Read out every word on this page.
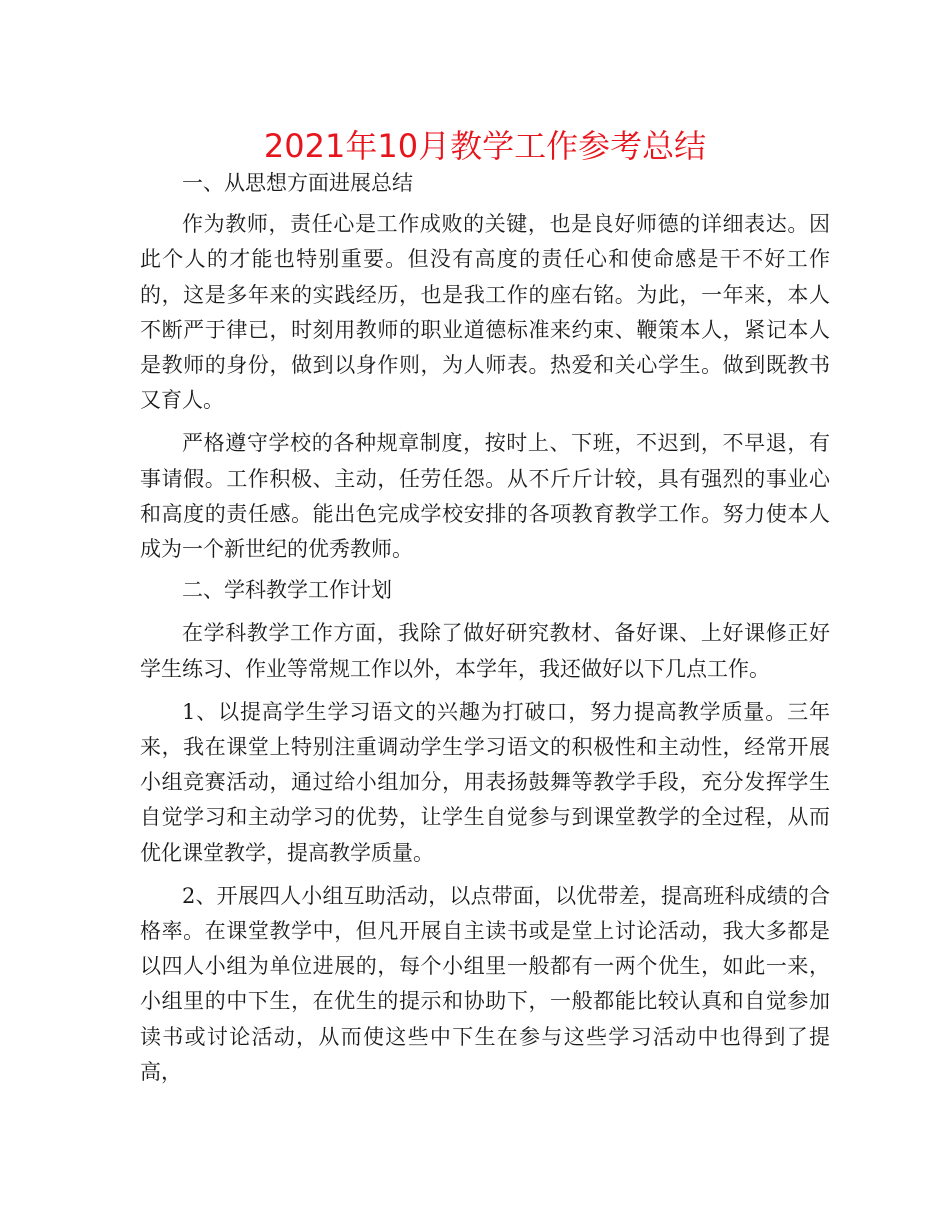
2021年10月教学工作参考总结

一、从思想方面进展总结

作为教师，责任心是工作成败的关键，也是良好师德的详细表达。因此个人的才能也特别重要。但没有高度的责任心和使命感是干不好工作的，这是多年来的实践经历，也是我工作的座右铭。为此，一年来，本人不断严于律已，时刻用教师的职业道德标准来约束、鞭策本人，紧记本人是教师的身份，做到以身作则，为人师表。热爱和关心学生。做到既教书又育人。

严格遵守学校的各种规章制度，按时上、下班，不迟到，不早退，有事请假。工作积极、主动，任劳任怨。从不斤斤计较，具有强烈的事业心和高度的责任感。能出色完成学校安排的各项教育教学工作。努力使本人成为一个新世纪的优秀教师。

二、学科教学工作计划

在学科教学工作方面，我除了做好研究教材、备好课、上好课修正好学生练习、作业等常规工作以外，本学年，我还做好以下几点工作。

1、以提高学生学习语文的兴趣为打破口，努力提高教学质量。三年来，我在课堂上特别注重调动学生学习语文的积极性和主动性，经常开展小组竞赛活动，通过给小组加分，用表扬鼓舞等教学手段，充分发挥学生自觉学习和主动学习的优势，让学生自觉参与到课堂教学的全过程，从而优化课堂教学，提高教学质量。

2、开展四人小组互助活动，以点带面，以优带差，提高班科成绩的合格率。在课堂教学中，但凡开展自主读书或是堂上讨论活动，我大多都是以四人小组为单位进展的，每个小组里一般都有一两个优生，如此一来，小组里的中下生，在优生的提示和协助下，一般都能比较认真和自觉参加读书或讨论活动，从而使这些中下生在参与这些学习活动中也得到了提高，
